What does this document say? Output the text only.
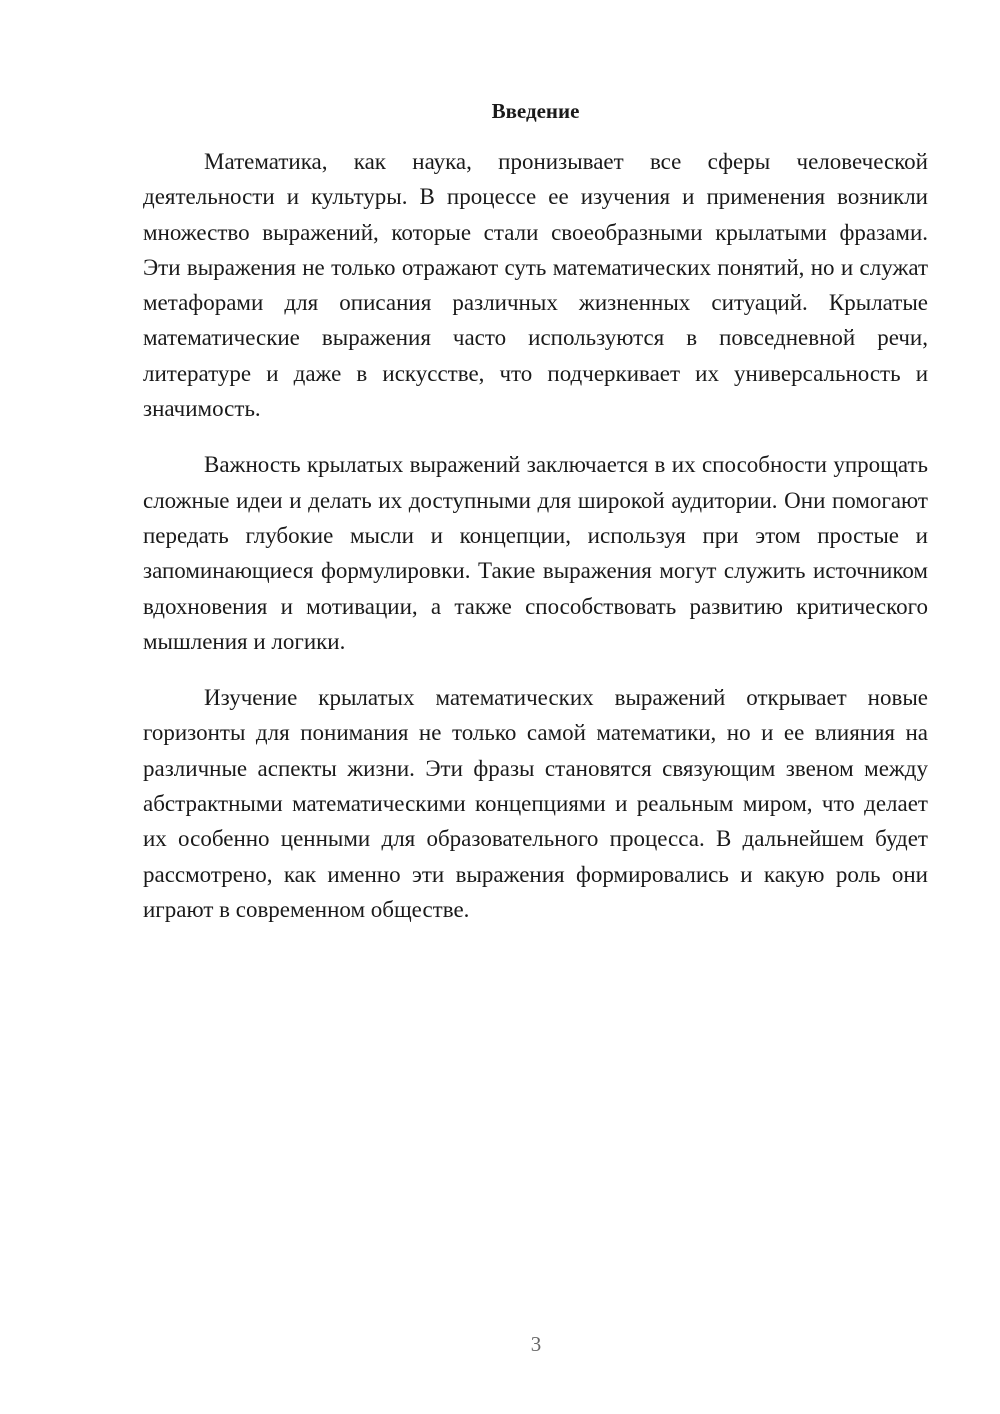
Введение

Математика, как наука, пронизывает все сферы человеческой деятельности и культуры. В процессе ее изучения и применения возникли множество выражений, которые стали своеобразными крылатыми фразами. Эти выражения не только отражают суть математических понятий, но и служат метафорами для описания различных жизненных ситуаций. Крылатые математические выражения часто используются в повседневной речи, литературе и даже в искусстве, что подчеркивает их универсальность и значимость.

Важность крылатых выражений заключается в их способности упрощать сложные идеи и делать их доступными для широкой аудитории. Они помогают передать глубокие мысли и концепции, используя при этом простые и запоминающиеся формулировки. Такие выражения могут служить источником вдохновения и мотивации, а также способствовать развитию критического мышления и логики.

Изучение крылатых математических выражений открывает новые горизонты для понимания не только самой математики, но и ее влияния на различные аспекты жизни. Эти фразы становятся связующим звеном между абстрактными математическими концепциями и реальным миром, что делает их особенно ценными для образовательного процесса. В дальнейшем будет рассмотрено, как именно эти выражения формировались и какую роль они играют в современном обществе.

3
